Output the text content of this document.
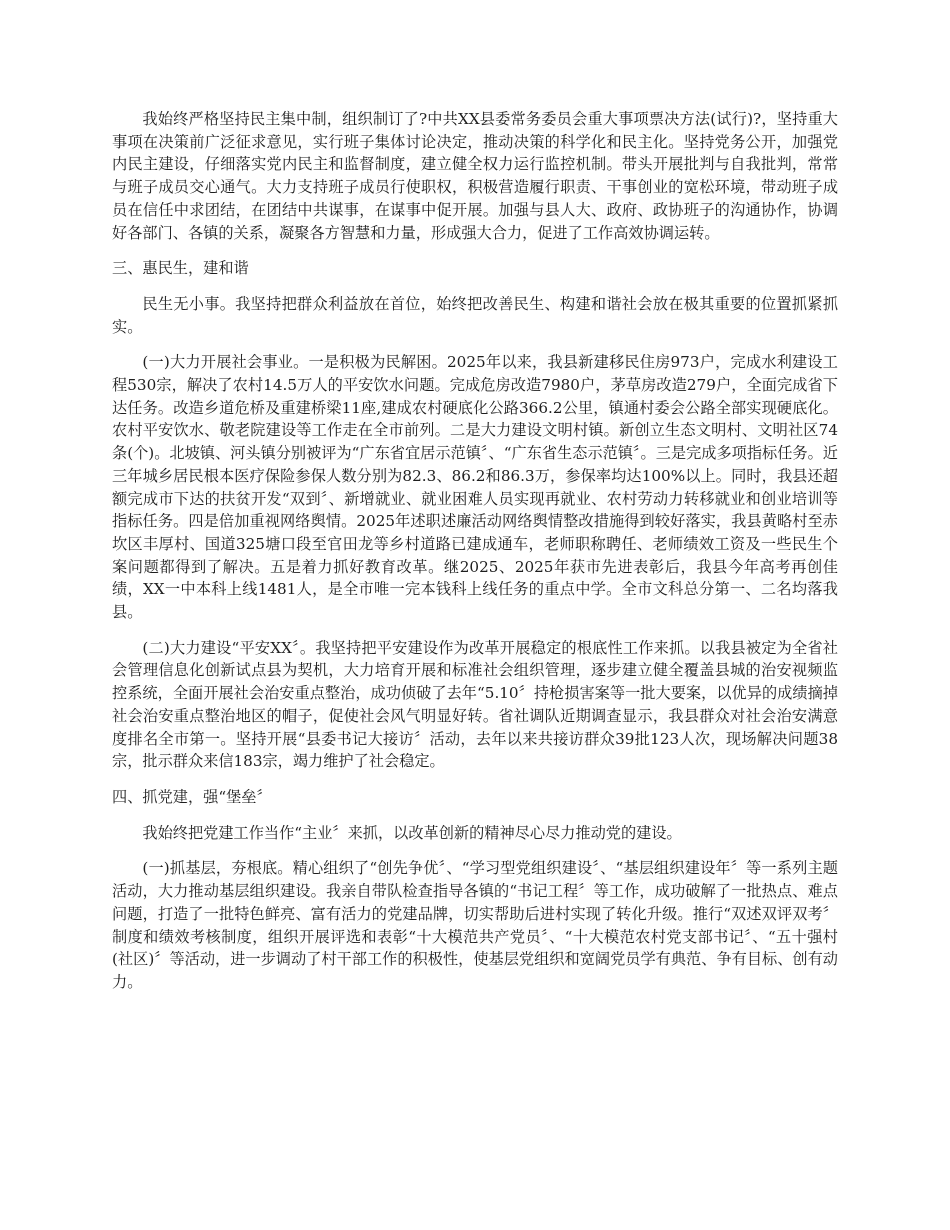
我始终严格坚持民主集中制，组织制订了?中共XX县委常务委员会重大事项票决方法(试行)?，坚持重大事项在决策前广泛征求意见，实行班子集体讨论决定，推动决策的科学化和民主化。坚持党务公开，加强党内民主建设，仔细落实党内民主和监督制度，建立健全权力运行监控机制。带头开展批判与自我批判，常常与班子成员交心通气。大力支持班子成员行使职权，积极营造履行职责、干事创业的宽松环境，带动班子成员在信任中求团结，在团结中共谋事，在谋事中促开展。加强与县人大、政府、政协班子的沟通协作，协调好各部门、各镇的关系，凝聚各方智慧和力量，形成强大合力，促进了工作高效协调运转。

三、惠民生，建和谐

民生无小事。我坚持把群众利益放在首位，始终把改善民生、构建和谐社会放在极其重要的位置抓紧抓实。

(一)大力开展社会事业。一是积极为民解困。2025年以来，我县新建移民住房973户，完成水利建设工程530宗，解决了农村14.5万人的平安饮水问题。完成危房改造7980户，茅草房改造279户，全面完成省下达任务。改造乡道危桥及重建桥梁11座,建成农村硬底化公路366.2公里，镇通村委会公路全部实现硬底化。农村平安饮水、敬老院建设等工作走在全市前列。二是大力建设文明村镇。新创立生态文明村、文明社区74条(个)。北坡镇、河头镇分别被评为“广东省宜居示范镇〞、“广东省生态示范镇〞。三是完成多项指标任务。近三年城乡居民根本医疗保险参保人数分别为82.3、86.2和86.3万，参保率均达100%以上。同时，我县还超额完成市下达的扶贫开发“双到〞、新增就业、就业困难人员实现再就业、农村劳动力转移就业和创业培训等指标任务。四是倍加重视网络舆情。2025年述职述廉活动网络舆情整改措施得到较好落实，我县黄略村至赤坎区丰厚村、国道325塘口段至官田龙等乡村道路已建成通车，老师职称聘任、老师绩效工资及一些民生个案问题都得到了解决。五是着力抓好教育改革。继2025、2025年获市先进表彰后，我县今年高考再创佳绩，XX一中本科上线1481人，是全市唯一完本钱科上线任务的重点中学。全市文科总分第一、二名均落我县。

(二)大力建设“平安XX〞。我坚持把平安建设作为改革开展稳定的根底性工作来抓。以我县被定为全省社会管理信息化创新试点县为契机，大力培育开展和标准社会组织管理，逐步建立健全覆盖县城的治安视频监控系统，全面开展社会治安重点整治，成功侦破了去年“5.10〞持枪损害案等一批大要案，以优异的成绩摘掉社会治安重点整治地区的帽子，促使社会风气明显好转。省社调队近期调查显示，我县群众对社会治安满意度排名全市第一。坚持开展“县委书记大接访〞活动，去年以来共接访群众39批123人次，现场解决问题38宗，批示群众来信183宗，竭力维护了社会稳定。

四、抓党建，强“堡垒〞

我始终把党建工作当作“主业〞来抓，以改革创新的精神尽心尽力推动党的建设。

(一)抓基层，夯根底。精心组织了“创先争优〞、“学习型党组织建设〞、“基层组织建设年〞等一系列主题活动，大力推动基层组织建设。我亲自带队检查指导各镇的“书记工程〞等工作，成功破解了一批热点、难点问题，打造了一批特色鲜亮、富有活力的党建品牌，切实帮助后进村实现了转化升级。推行“双述双评双考〞制度和绩效考核制度，组织开展评选和表彰“十大模范共产党员〞、“十大模范农村党支部书记〞、“五十强村(社区)〞等活动，进一步调动了村干部工作的积极性，使基层党组织和宽阔党员学有典范、争有目标、创有动力。
